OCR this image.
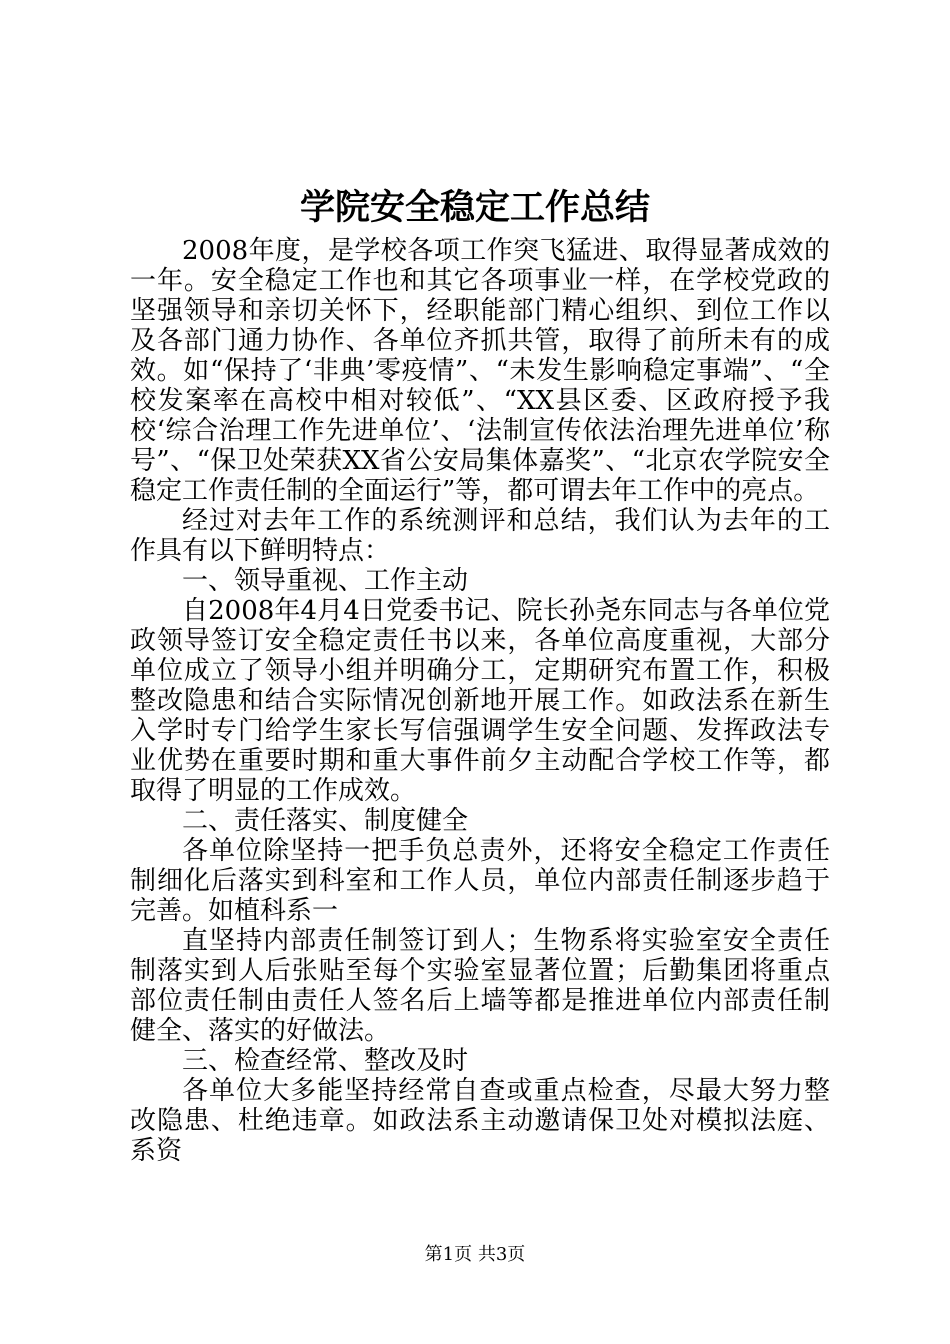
学院安全稳定工作总结

2008年度，是学校各项工作突飞猛进、取得显著成效的一年。安全稳定工作也和其它各项事业一样，在学校党政的坚强领导和亲切关怀下，经职能部门精心组织、到位工作以及各部门通力协作、各单位齐抓共管，取得了前所未有的成效。如“保持了‘非典’零疫情”、“未发生影响稳定事端”、“全校发案率在高校中相对较低”、“XX县区委、区政府授予我校‘综合治理工作先进单位’、‘法制宣传依法治理先进单位’称号”、“保卫处荣获XX省公安局集体嘉奖”、“北京农学院安全稳定工作责任制的全面运行”等，都可谓去年工作中的亮点。

经过对去年工作的系统测评和总结，我们认为去年的工作具有以下鲜明特点：

一、领导重视、工作主动

自2008年4月4日党委书记、院长孙尧东同志与各单位党政领导签订安全稳定责任书以来，各单位高度重视，大部分单位成立了领导小组并明确分工，定期研究布置工作，积极整改隐患和结合实际情况创新地开展工作。如政法系在新生入学时专门给学生家长写信强调学生安全问题、发挥政法专业优势在重要时期和重大事件前夕主动配合学校工作等，都取得了明显的工作成效。

二、责任落实、制度健全

各单位除坚持一把手负总责外，还将安全稳定工作责任制细化后落实到科室和工作人员，单位内部责任制逐步趋于完善。如植科系一

直坚持内部责任制签订到人；生物系将实验室安全责任制落实到人后张贴至每个实验室显著位置；后勤集团将重点部位责任制由责任人签名后上墙等都是推进单位内部责任制健全、落实的好做法。

三、检查经常、整改及时

各单位大多能坚持经常自查或重点检查，尽最大努力整改隐患、杜绝违章。如政法系主动邀请保卫处对模拟法庭、系资

第1页 共3页
